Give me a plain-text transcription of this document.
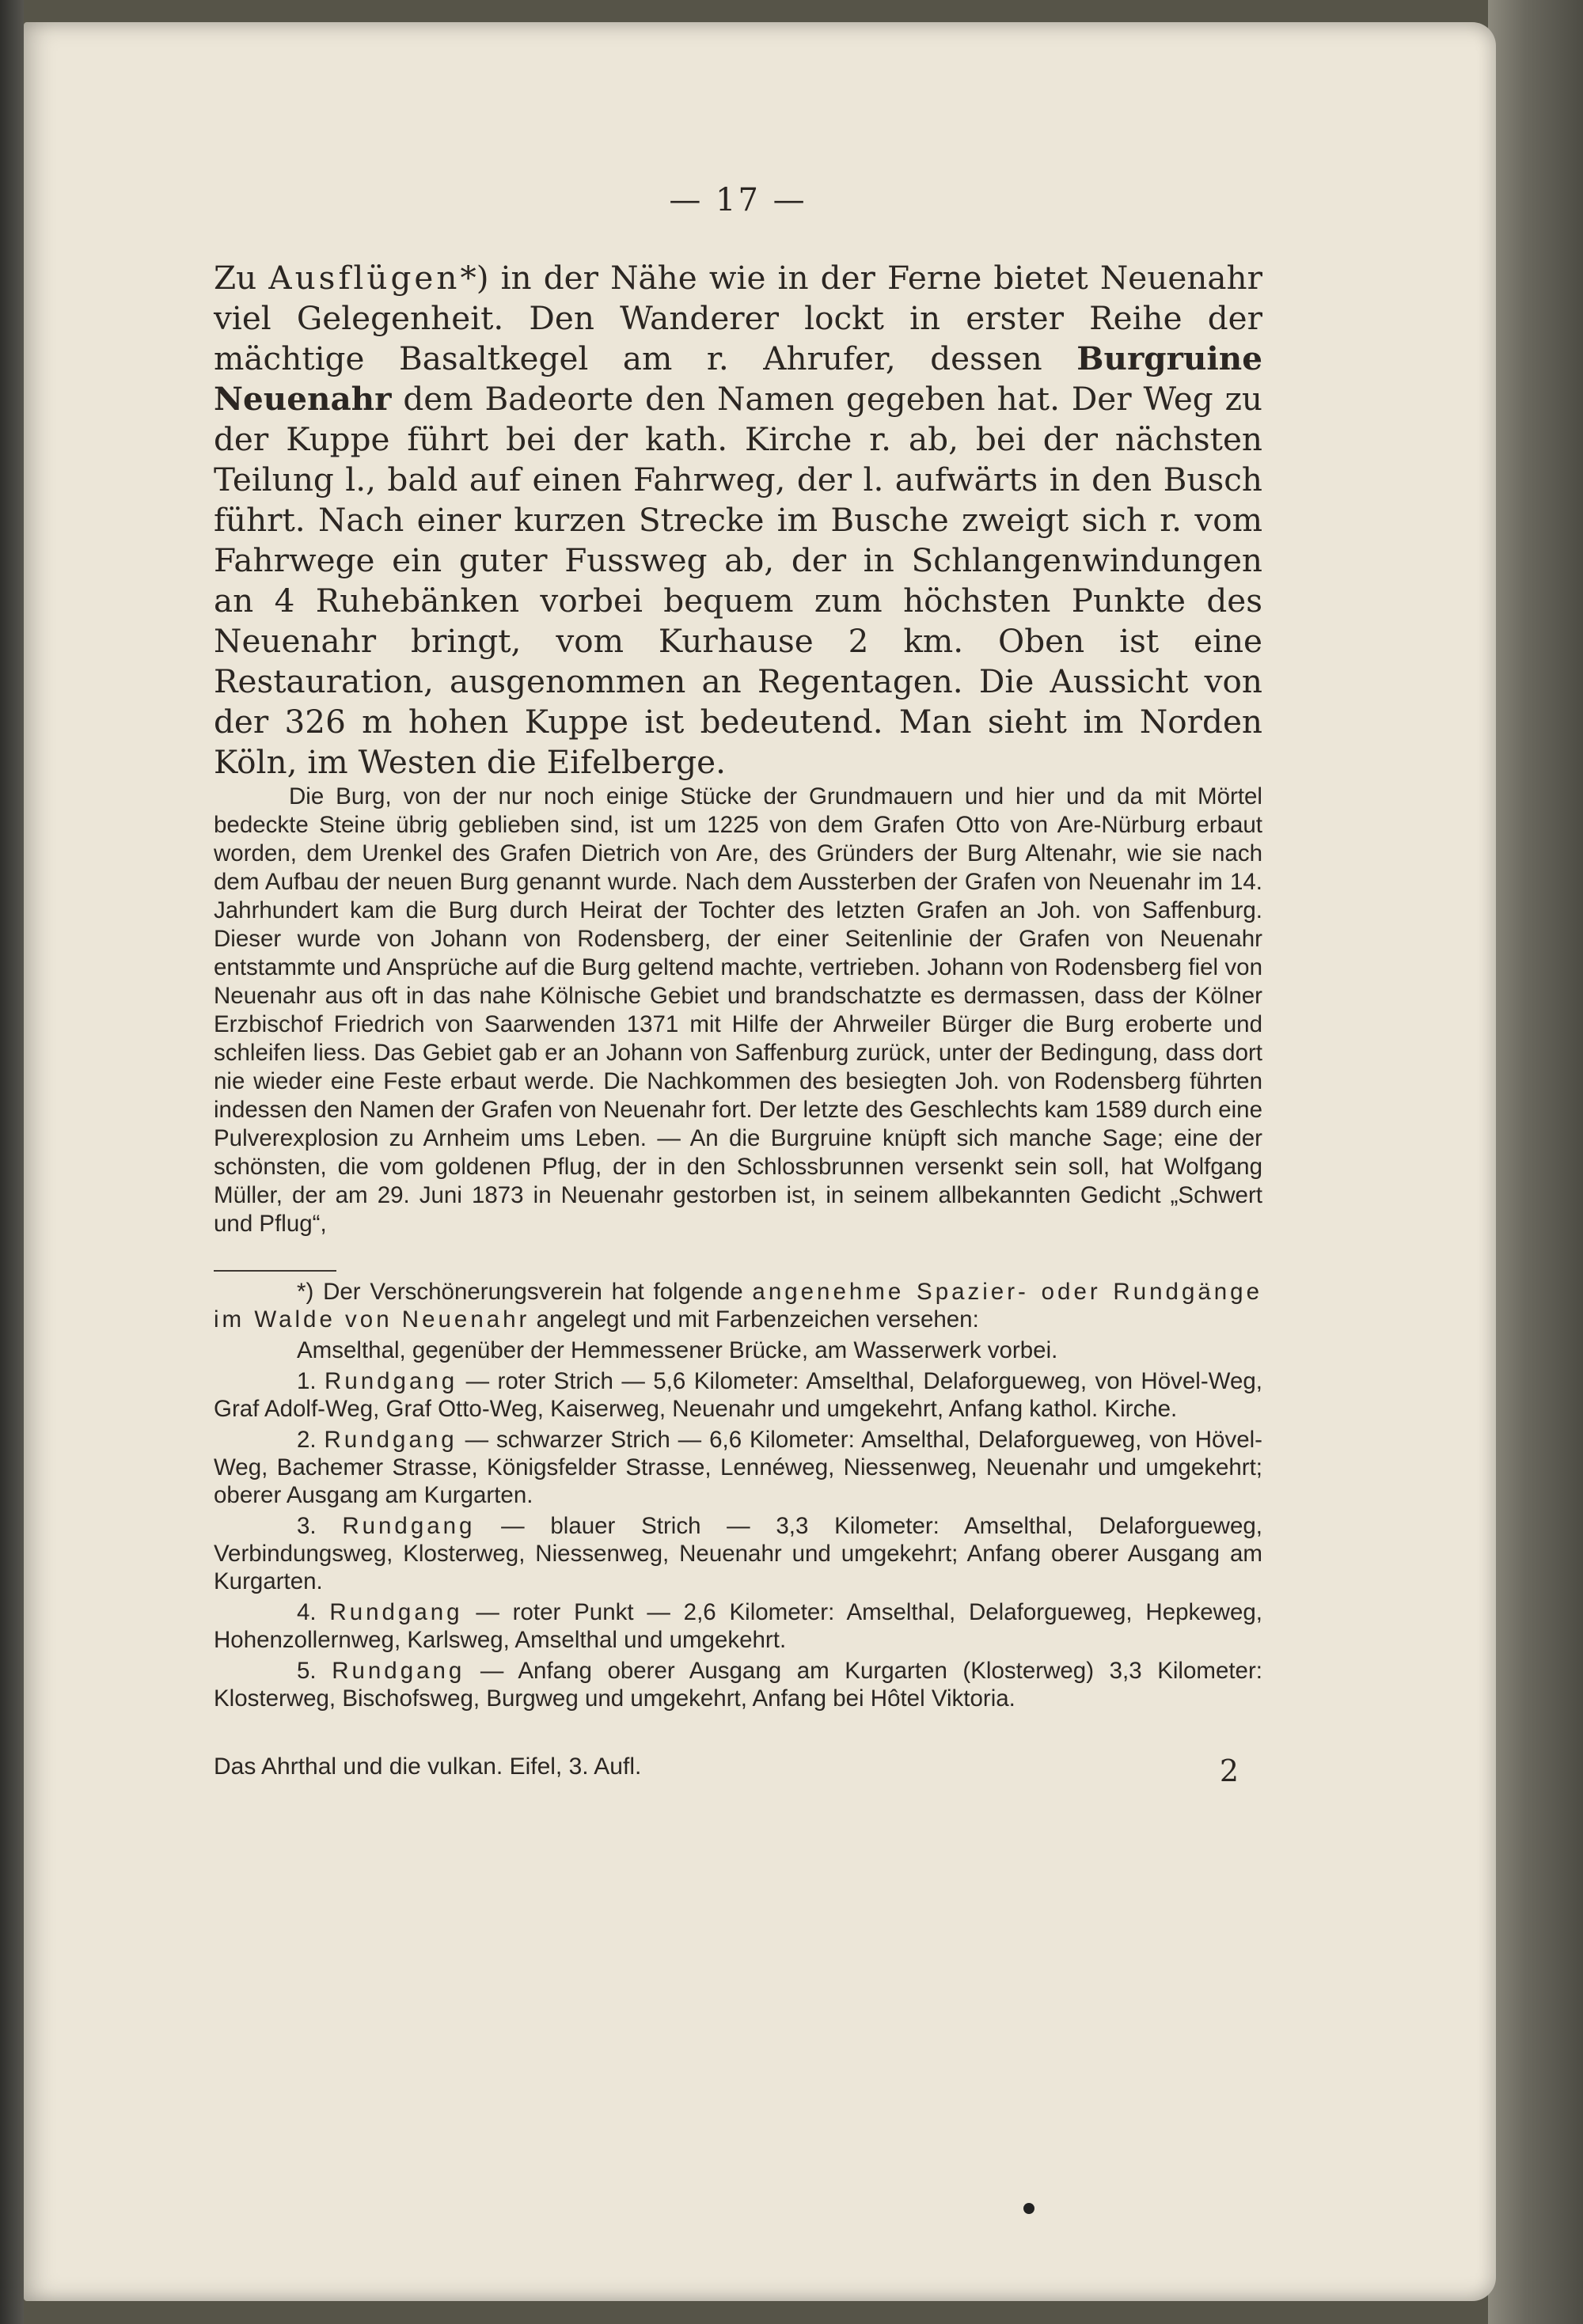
— 17 —

Zu Ausflügen*) in der Nähe wie in der Ferne bietet Neuenahr viel Gelegenheit. Den Wanderer lockt in erster Reihe der mächtige Basaltkegel am r. Ahrufer, dessen Burgruine Neuenahr dem Badeorte den Namen gegeben hat. Der Weg zu der Kuppe führt bei der kath. Kirche r. ab, bei der nächsten Teilung l., bald auf einen Fahrweg, der l. aufwärts in den Busch führt. Nach einer kurzen Strecke im Busche zweigt sich r. vom Fahrwege ein guter Fussweg ab, der in Schlangenwindungen an 4 Ruhebänken vorbei bequem zum höchsten Punkte des Neuenahr bringt, vom Kurhause 2 km. Oben ist eine Restauration, ausgenommen an Regentagen. Die Aussicht von der 326 m hohen Kuppe ist bedeutend. Man sieht im Norden Köln, im Westen die Eifelberge.

Die Burg, von der nur noch einige Stücke der Grundmauern und hier und da mit Mörtel bedeckte Steine übrig geblieben sind, ist um 1225 von dem Grafen Otto von Are-Nürburg erbaut worden, dem Urenkel des Grafen Dietrich von Are, des Gründers der Burg Altenahr, wie sie nach dem Aufbau der neuen Burg genannt wurde. Nach dem Aussterben der Grafen von Neuenahr im 14. Jahrhundert kam die Burg durch Heirat der Tochter des letzten Grafen an Joh. von Saffenburg. Dieser wurde von Johann von Rodensberg, der einer Seitenlinie der Grafen von Neuenahr entstammte und Ansprüche auf die Burg geltend machte, vertrieben. Johann von Rodensberg fiel von Neuenahr aus oft in das nahe Kölnische Gebiet und brandschatzte es dermassen, dass der Kölner Erzbischof Friedrich von Saarwenden 1371 mit Hilfe der Ahrweiler Bürger die Burg eroberte und schleifen liess. Das Gebiet gab er an Johann von Saffenburg zurück, unter der Bedingung, dass dort nie wieder eine Feste erbaut werde. Die Nachkommen des besiegten Joh. von Rodensberg führten indessen den Namen der Grafen von Neuenahr fort. Der letzte des Geschlechts kam 1589 durch eine Pulverexplosion zu Arnheim ums Leben. — An die Burgruine knüpft sich manche Sage; eine der schönsten, die vom goldenen Pflug, der in den Schlossbrunnen versenkt sein soll, hat Wolfgang Müller, der am 29. Juni 1873 in Neuenahr gestorben ist, in seinem allbekannten Gedicht „Schwert und Pflug“,

*) Der Verschönerungsverein hat folgende angenehme Spazier- oder Rundgänge im Walde von Neuenahr angelegt und mit Farbenzeichen versehen:

Amselthal, gegenüber der Hemmessener Brücke, am Wasserwerk vorbei.

1. Rundgang — roter Strich — 5,6 Kilometer: Amselthal, Delaforgueweg, von Hövel-Weg, Graf Adolf-Weg, Graf Otto-Weg, Kaiserweg, Neuenahr und umgekehrt, Anfang kathol. Kirche.

2. Rundgang — schwarzer Strich — 6,6 Kilometer: Amselthal, Delaforgueweg, von Hövel-Weg, Bachemer Strasse, Königsfelder Strasse, Lennéweg, Niessenweg, Neuenahr und umgekehrt; oberer Ausgang am Kurgarten.

3. Rundgang — blauer Strich — 3,3 Kilometer: Amselthal, Delaforgueweg, Verbindungsweg, Klosterweg, Niessenweg, Neuenahr und umgekehrt; Anfang oberer Ausgang am Kurgarten.

4. Rundgang — roter Punkt — 2,6 Kilometer: Amselthal, Delaforgueweg, Hepkeweg, Hohenzollernweg, Karlsweg, Amselthal und umgekehrt.

5. Rundgang — Anfang oberer Ausgang am Kurgarten (Klosterweg) 3,3 Kilometer: Klosterweg, Bischofsweg, Burgweg und umgekehrt, Anfang bei Hôtel Viktoria.

Das Ahrthal und die vulkan. Eifel, 3. Aufl.	2
